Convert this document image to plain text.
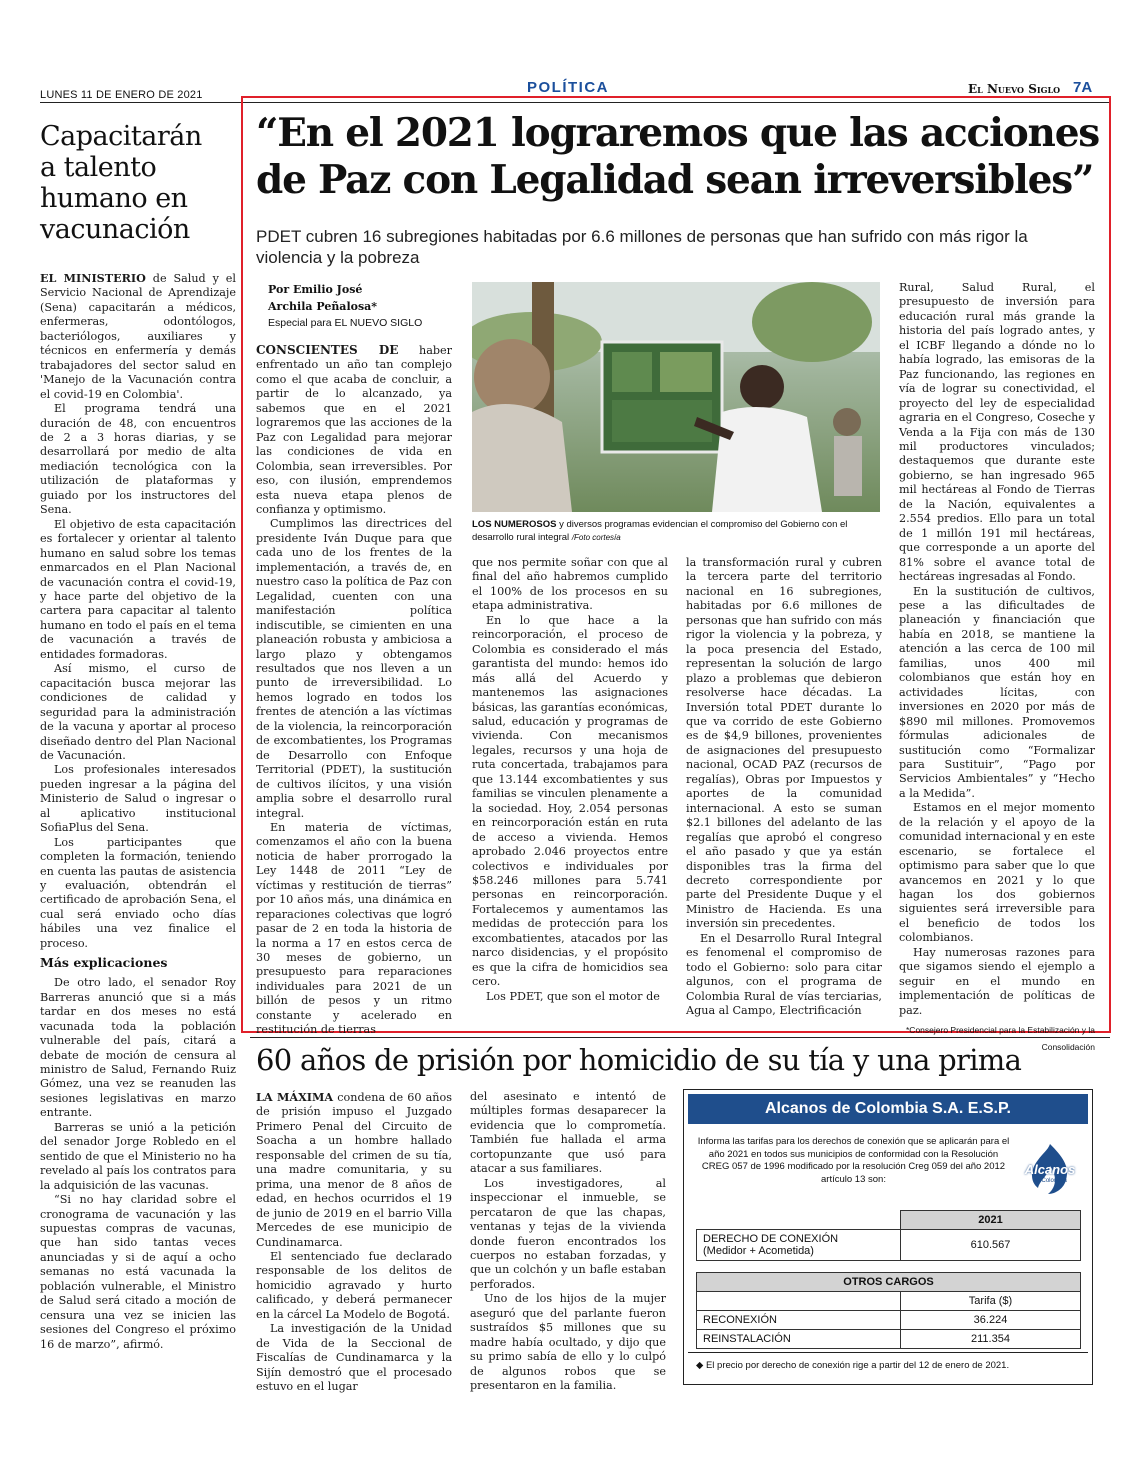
LUNES 11 DE ENERO DE 2021	POLÍTICA	El Nuevo Siglo 7A
Capacitarán a talento humano en vacunación

EL MINISTERIO de Salud y el Servicio Nacional de Aprendizaje (Sena) capacitarán a médicos, enfermeras, odontólogos, bacteriólogos, auxiliares y técnicos en enfermería y demás trabajadores del sector salud en 'Manejo de la Vacunación contra el covid-19 en Colombia'.

El programa tendrá una duración de 48, con encuentros de 2 a 3 horas diarias, y se desarrollará por medio de alta mediación tecnológica con la utilización de plataformas y guiado por los instructores del Sena.

El objetivo de esta capacitación es fortalecer y orientar al talento humano en salud sobre los temas enmarcados en el Plan Nacional de vacunación contra el covid-19, y hace parte del objetivo de la cartera para capacitar al talento humano en todo el país en el tema de vacunación a través de entidades formadoras.

Así mismo, el curso de capacitación busca mejorar las condiciones de calidad y seguridad para la administración de la vacuna y aportar al proceso diseñado dentro del Plan Nacional de Vacunación.

Los profesionales interesados pueden ingresar a la página del Ministerio de Salud o ingresar o al aplicativo institucional SofiaPlus del Sena.

Los participantes que completen la formación, teniendo en cuenta las pautas de asistencia y evaluación, obtendrán el certificado de aprobación Sena, el cual será enviado ocho días hábiles una vez finalice el proceso.

Más explicaciones

De otro lado, el senador Roy Barreras anunció que si a más tardar en dos meses no está vacunada toda la población vulnerable del país, citará a debate de moción de censura al ministro de Salud, Fernando Ruiz Gómez, una vez se reanuden las sesiones legislativas en marzo entrante.

Barreras se unió a la petición del senador Jorge Robledo en el sentido de que el Ministerio no ha revelado al país los contratos para la adquisición de las vacunas.

“Si no hay claridad sobre el cronograma de vacunación y las supuestas compras de vacunas, que han sido tantas veces anunciadas y si de aquí a ocho semanas no está vacunada la población vulnerable, el Ministro de Salud será citado a moción de censura una vez se inicien las sesiones del Congreso el próximo 16 de marzo”, afirmó.

“En el 2021 lograremos que las acciones de Paz con Legalidad sean irreversibles”
PDET cubren 16 subregiones habitadas por 6.6 millones de personas que han sufrido con más rigor la violencia y la pobreza
Por Emilio José
Archila Peñalosa*
Especial para EL NUEVO SIGLO

CONSCIENTES DE haber enfrentado un año tan complejo como el que acaba de concluir, a partir de lo alcanzado, ya sabemos que en el 2021 lograremos que las acciones de la Paz con Legalidad para mejorar las condiciones de vida en Colombia, sean irreversibles. Por eso, con ilusión, emprendemos esta nueva etapa plenos de confianza y optimismo.

Cumplimos las directrices del presidente Iván Duque para que cada uno de los frentes de la implementación, a través de, en nuestro caso la política de Paz con Legalidad, cuenten con una manifestación política indiscutible, se cimienten en una planeación robusta y ambiciosa a largo plazo y obtengamos resultados que nos lleven a un punto de irreversibilidad. Lo hemos logrado en todos los frentes de atención a las víctimas de la violencia, la reincorporación de excombatientes, los Programas de Desarrollo con Enfoque Territorial (PDET), la sustitución de cultivos ilícitos, y una visión amplia sobre el desarrollo rural integral.

En materia de víctimas, comenzamos el año con la buena noticia de haber prorrogado la Ley 1448 de 2011 “Ley de víctimas y restitución de tierras” por 10 años más, una dinámica en reparaciones colectivas que logró pasar de 2 en toda la historia de la norma a 17 en estos cerca de 30 meses de gobierno, un presupuesto para reparaciones individuales para 2021 de un billón de pesos y un ritmo constante y acelerado en restitución de tierras

LOS NUMEROSOS y diversos programas evidencian el compromiso del Gobierno con el desarrollo rural integral /Foto cortesía

que nos permite soñar con que al final del año habremos cumplido el 100% de los procesos en su etapa administrativa.

En lo que hace a la reincorporación, el proceso de Colombia es considerado el más garantista del mundo: hemos ido más allá del Acuerdo y mantenemos las asignaciones básicas, las garantías económicas, salud, educación y programas de vivienda. Con mecanismos legales, recursos y una hoja de ruta concertada, trabajamos para que 13.144 excombatientes y sus familias se vinculen plenamente a la sociedad. Hoy, 2.054 personas en reincorporación están en ruta de acceso a vivienda. Hemos aprobado 2.046 proyectos entre colectivos e individuales por $58.246 millones para 5.741 personas en reincorporación. Fortalecemos y aumentamos las medidas de protección para los excombatientes, atacados por las narco disidencias, y el propósito es que la cifra de homicidios sea cero.

Los PDET, que son el motor de

la transformación rural y cubren la tercera parte del territorio nacional en 16 subregiones, habitadas por 6.6 millones de personas que han sufrido con más rigor la violencia y la pobreza, y la poca presencia del Estado, representan la solución de largo plazo a problemas que debieron resolverse hace décadas. La Inversión total PDET durante lo que va corrido de este Gobierno es de $4,9 billones, provenientes de asignaciones del presupuesto nacional, OCAD PAZ (recursos de regalías), Obras por Impuestos y aportes de la comunidad internacional. A esto se suman $2.1 billones del adelanto de las regalías que aprobó el congreso el año pasado y que ya están disponibles tras la firma del decreto correspondiente por parte del Presidente Duque y el Ministro de Hacienda. Es una inversión sin precedentes.

En el Desarrollo Rural Integral es fenomenal el compromiso de todo el Gobierno: solo para citar algunos, con el programa de Colombia Rural de vías terciarias, Agua al Campo, Electrificación

Rural, Salud Rural, el presupuesto de inversión para educación rural más grande la historia del país logrado antes, y el ICBF llegando a dónde no lo había logrado, las emisoras de la Paz funcionando, las regiones en vía de lograr su conectividad, el proyecto del ley de especialidad agraria en el Congreso, Coseche y Venda a la Fija con más de 130 mil productores vinculados; destaquemos que durante este gobierno, se han ingresado 965 mil hectáreas al Fondo de Tierras de la Nación, equivalentes a 2.554 predios. Ello para un total de 1 millón 191 mil hectáreas, que corresponde a un aporte del 81% sobre el avance total de hectáreas ingresadas al Fondo.

En la sustitución de cultivos, pese a las dificultades de planeación y financiación que había en 2018, se mantiene la atención a las cerca de 100 mil familias, unos 400 mil colombianos que están hoy en actividades lícitas, con inversiones en 2020 por más de $890 mil millones. Promovemos fórmulas adicionales de sustitución como “Formalizar para Sustituir”, “Pago por Servicios Ambientales” y “Hecho a la Medida”.

Estamos en el mejor momento de la relación y el apoyo de la comunidad internacional y en este escenario, se fortalece el optimismo para saber que lo que avancemos en 2021 y lo que hagan los dos gobiernos siguientes será irreversible para el beneficio de todos los colombianos.

Hay numerosas razones para que sigamos siendo el ejemplo a seguir en el mundo en implementación de políticas de paz.

*Consejero Presidencial para la Estabilización y la Consolidación
60 años de prisión por homicidio de su tía y una prima

LA MÁXIMA condena de 60 años de prisión impuso el Juzgado Primero Penal del Circuito de Soacha a un hombre hallado responsable del crimen de su tía, una madre comunitaria, y su prima, una menor de 8 años de edad, en hechos ocurridos el 19 de junio de 2019 en el barrio Villa Mercedes de ese municipio de Cundinamarca.

El sentenciado fue declarado responsable de los delitos de homicidio agravado y hurto calificado, y deberá permanecer en la cárcel La Modelo de Bogotá.

La investigación de la Unidad de Vida de la Seccional de Fiscalías de Cundinamarca y la Sijín demostró que el procesado estuvo en el lugar

del asesinato e intentó de múltiples formas desaparecer la evidencia que lo comprometía. También fue hallada el arma cortopunzante que usó para atacar a sus familiares.

Los investigadores, al inspeccionar el inmueble, se percataron de que las chapas, ventanas y tejas de la vivienda donde fueron encontrados los cuerpos no estaban forzadas, y que un colchón y un bafle estaban perforados.

Uno de los hijos de la mujer aseguró que del parlante fueron sustraídos $5 millones que su madre había ocultado, y dijo que su primo sabía de ello y lo culpó de algunos robos que se presentaron en la familia.

Alcanos de Colombia S.A. E.S.P.
Informa las tarifas para los derechos de conexión que se aplicarán para el año 2021 en todos sus municipios de conformidad con la Resolución CREG 057 de 1996 modificado por la resolución Creg 059 del año 2012 artículo 13 son:
Alcanos
de Colombia
	2021

DERECHO DE CONEXIÓN
(Medidor + Acometida)	610.567

OTROS CARGOS	
	Tarifa ($)
RECONEXIÓN	36.224
REINSTALACIÓN	211.354
◆ El precio por derecho de conexión rige a partir del 12 de enero de 2021.
